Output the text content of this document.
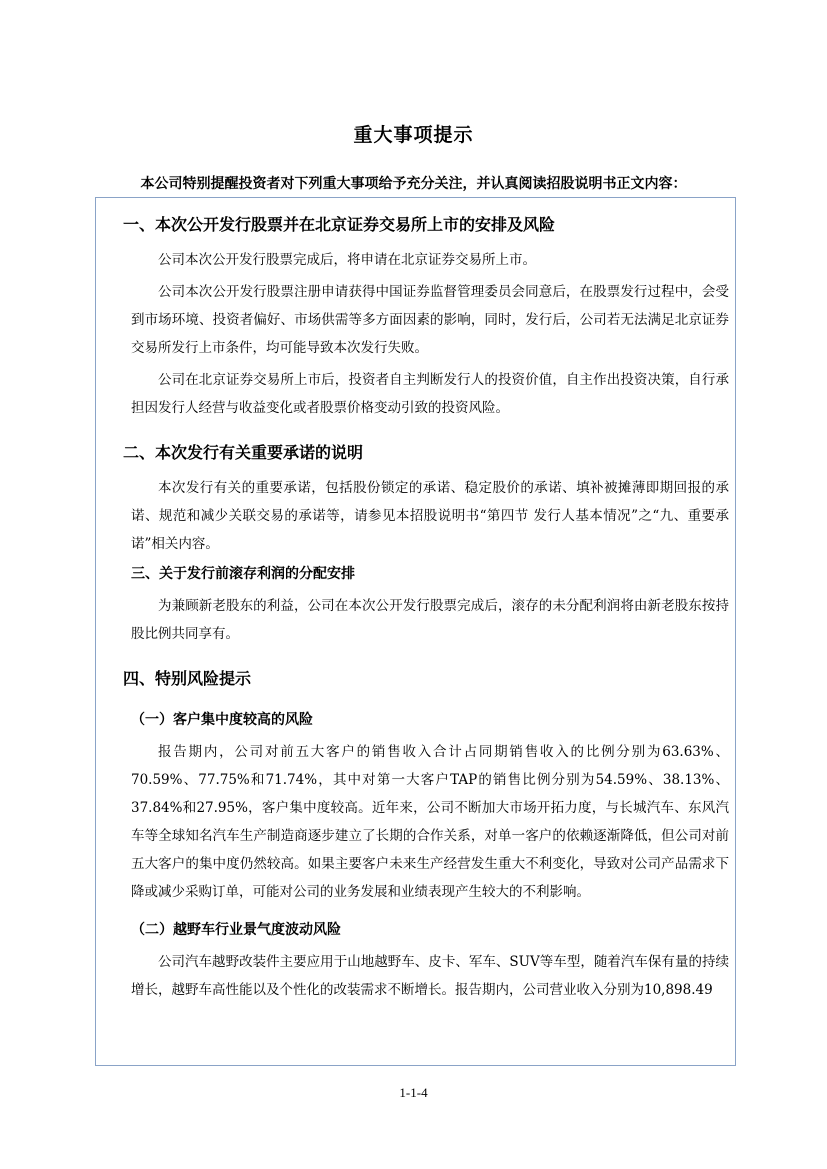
重大事项提示
本公司特别提醒投资者对下列重大事项给予充分关注，并认真阅读招股说明书正文内容：
一、本次公开发行股票并在北京证券交易所上市的安排及风险

公司本次公开发行股票完成后，将申请在北京证券交易所上市。

公司本次公开发行股票注册申请获得中国证券监督管理委员会同意后，在股票发行过程中，会受到市场环境、投资者偏好、市场供需等多方面因素的影响，同时，发行后，公司若无法满足北京证券交易所发行上市条件，均可能导致本次发行失败。

公司在北京证券交易所上市后，投资者自主判断发行人的投资价值，自主作出投资决策，自行承担因发行人经营与收益变化或者股票价格变动引致的投资风险。

二、本次发行有关重要承诺的说明

本次发行有关的重要承诺，包括股份锁定的承诺、稳定股价的承诺、填补被摊薄即期回报的承诺、规范和减少关联交易的承诺等，请参见本招股说明书“第四节 发行人基本情况”之“九、重要承诺”相关内容。

三、关于发行前滚存利润的分配安排

为兼顾新老股东的利益，公司在本次公开发行股票完成后，滚存的未分配利润将由新老股东按持股比例共同享有。

四、特别风险提示
（一）客户集中度较高的风险

报告期内，公司对前五大客户的销售收入合计占同期销售收入的比例分别为63.63%、70.59%、77.75%和71.74%，其中对第一大客户TAP的销售比例分别为54.59%、38.13%、37.84%和27.95%，客户集中度较高。近年来，公司不断加大市场开拓力度，与长城汽车、东风汽车等全球知名汽车生产制造商逐步建立了长期的合作关系，对单一客户的依赖逐渐降低，但公司对前五大客户的集中度仍然较高。如果主要客户未来生产经营发生重大不利变化，导致对公司产品需求下降或减少采购订单，可能对公司的业务发展和业绩表现产生较大的不利影响。

（二）越野车行业景气度波动风险

公司汽车越野改装件主要应用于山地越野车、皮卡、军车、SUV等车型，随着汽车保有量的持续增长，越野车高性能以及个性化的改装需求不断增长。报告期内，公司营业收入分别为10,898.49

1-1-4
